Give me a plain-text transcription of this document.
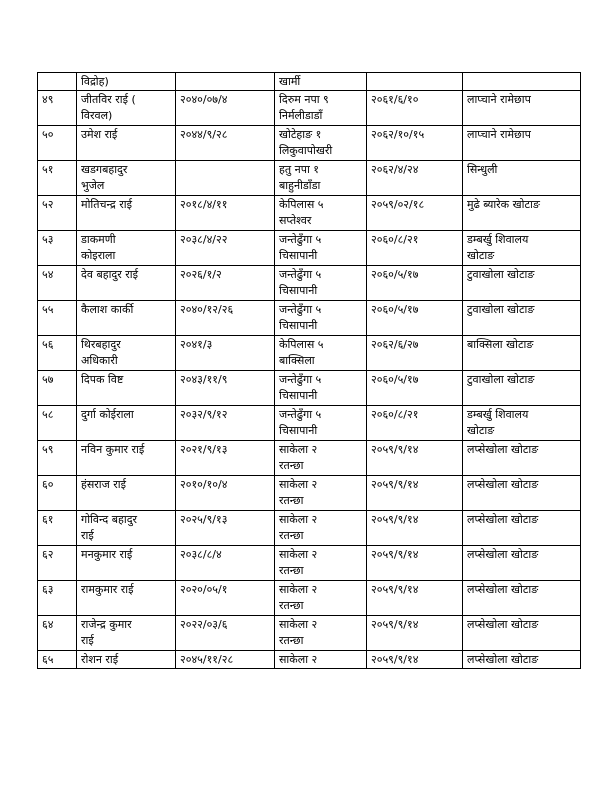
	विद्रोह)		खार्मी		
४९	जीतविर राई (
विरवल)	२०४०/०७/४	दिरुम नपा ९
निर्मलीडाडाँ	२०६१/६/१०	लाप्चाने रामेछाप

५०	उमेश राई	२०४४/९/२८	खोटेहाङ १
लिकुवापोखरी	२०६२/१०/१५	लाप्चाने रामेछाप

५१	खडगबहादुर
भुजेल		हतु नपा १
बाहुनीडाँडा	२०६२/४/२४	सिन्धुली

५२	मोतिचन्द्र राई	२०१८/४/११	केपिलास ५
सप्तेश्वर	२०५९/०२/१८	मुढे ब्यारेक खोटाङ

५३	डाकमणी
कोइराला	२०३८/४/२२	जन्तेढुँगा ५
चिसापानी	२०६०/८/२१	डम्बर्खु शिवालय
खोटाङ

५४	देव बहादुर राई	२०२६/१/२	जन्तेढुँगा ५
चिसापानी	२०६०/५/१७	टुवाखोला खोटाङ

५५	कैलाश कार्की	२०४०/१२/२६	जन्तेढुँगा ५
चिसापानी	२०६०/५/१७	टुवाखोला खोटाङ

५६	थिरबहादुर
अधिकारी	२०४१/३	केपिलास ५
बाक्सिला	२०६२/६/२७	बाक्सिला खोटाङ

५७	दिपक विष्ट	२०४३/११/९	जन्तेढुँगा ५
चिसापानी	२०६०/५/१७	टुवाखोला खोटाङ

५८	दुर्गा कोईराला	२०३२/९/१२	जन्तेढुँगा ५
चिसापानी	२०६०/८/२१	डम्बर्खु शिवालय
खोटाङ

५९	नविन कुमार राई	२०२१/९/१३	साकेला २
रतन्छा	२०५९/९/१४	लप्सेखोला खोटाङ

६०	हंसराज राई	२०१०/१०/४	साकेला २
रतन्छा	२०५९/९/१४	लप्सेखोला खोटाङ

६१	गोविन्द बहादुर
राई	२०२५/९/१३	साकेला २
रतन्छा	२०५९/९/१४	लप्सेखोला खोटाङ

६२	मनकुमार राई	२०३८/८/४	साकेला २
रतन्छा	२०५९/९/१४	लप्सेखोला खोटाङ

६३	रामकुमार राई	२०२०/०५/१	साकेला २
रतन्छा	२०५९/९/१४	लप्सेखोला खोटाङ

६४	राजेन्द्र कुमार
राई	२०२२/०३/६	साकेला २
रतन्छा	२०५९/९/१४	लप्सेखोला खोटाङ

६५	रोशन राई	२०४५/११/२८	साकेला २	२०५९/९/१४	लप्सेखोला खोटाङ
